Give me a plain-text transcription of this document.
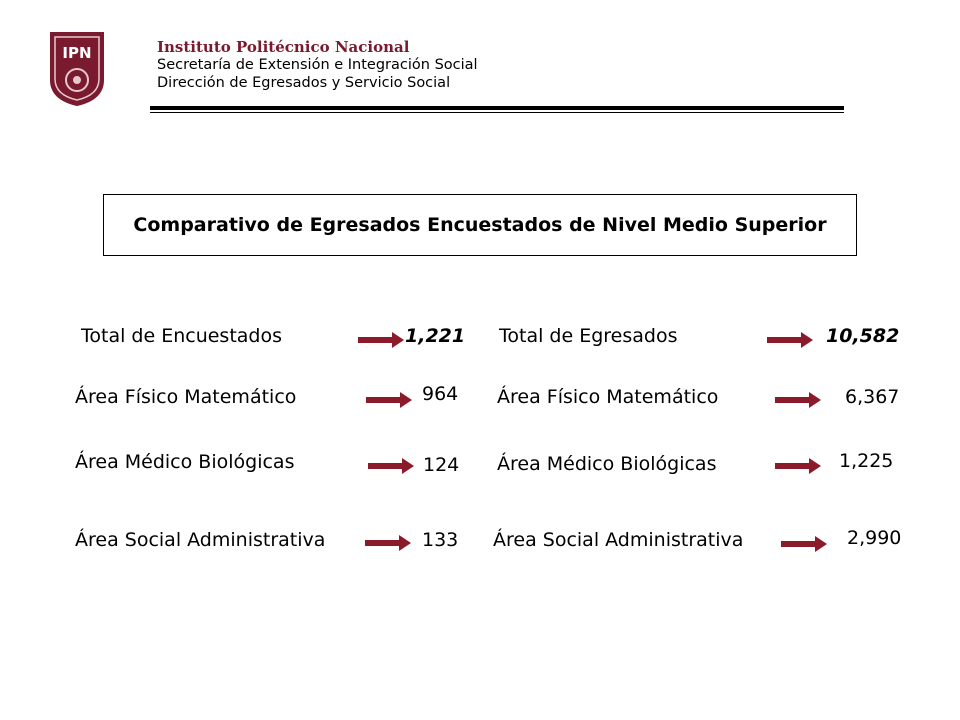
IPN	Instituto Politécnico Nacional
Secretaría de Extensión e Integración Social
Dirección de Egresados y Servicio Social
Comparativo de Egresados Encuestados de Nivel Medio Superior
Total de Encuestados	1,221
Área Físico Matemático	964
Área Médico Biológicas	124
Área Social Administrativa	133
Total de Egresados	10,582
Área Físico Matemático	6,367
Área Médico Biológicas	1,225
Área Social Administrativa	2,990
